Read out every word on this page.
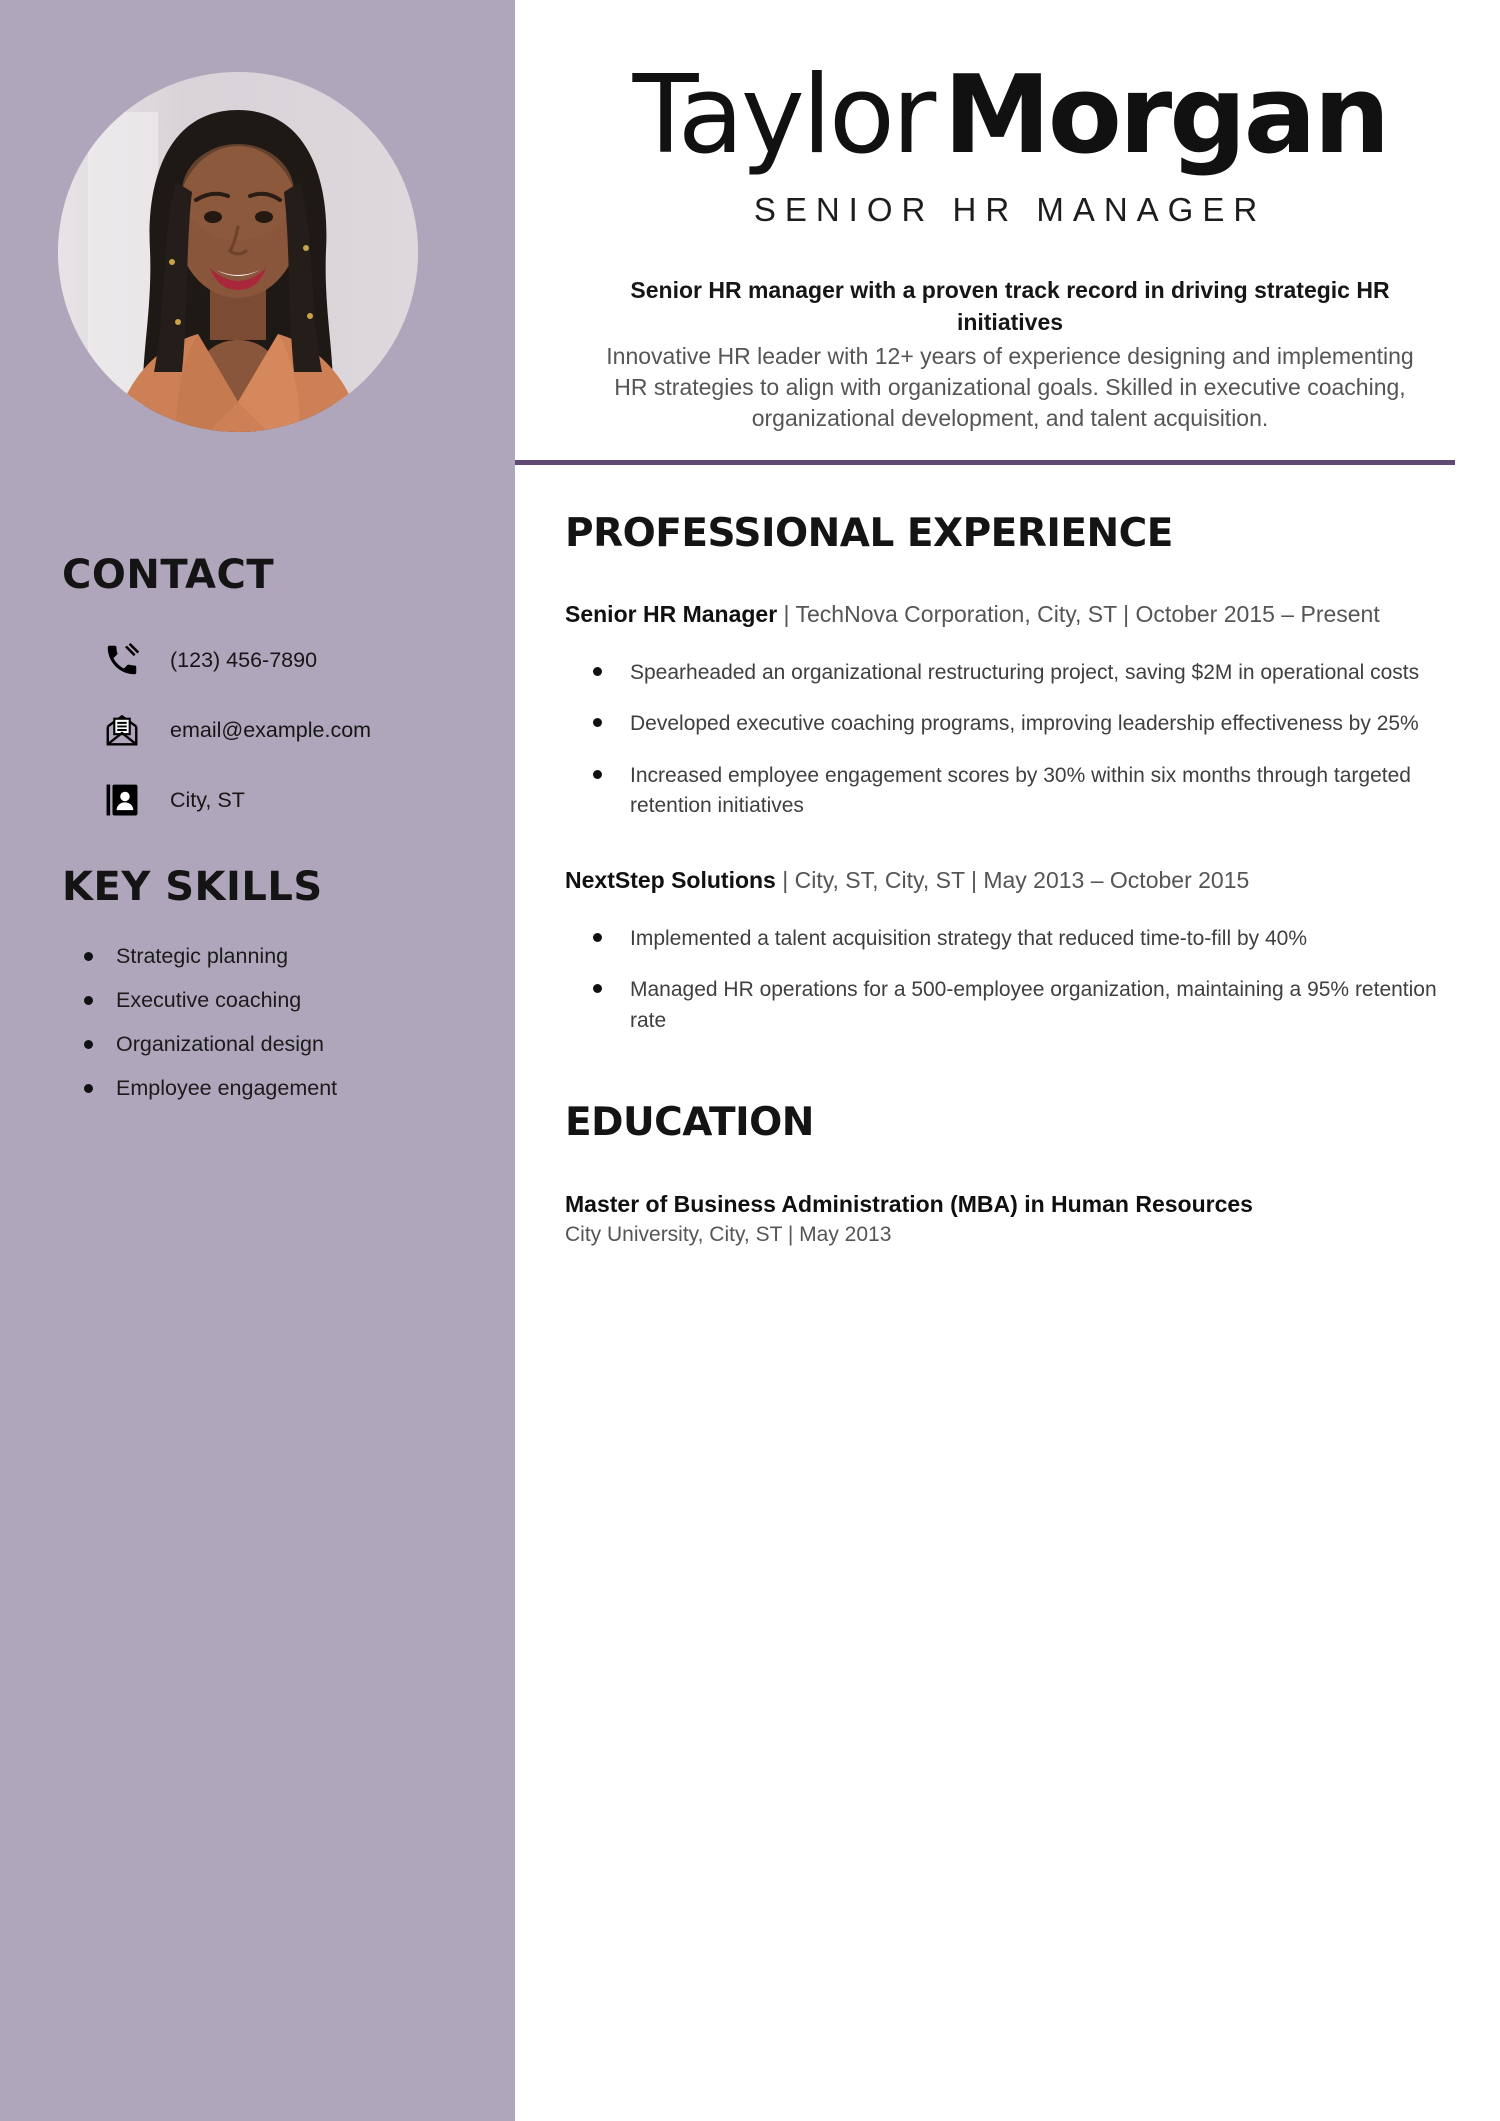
CONTACT
(123) 456-7890
email@example.com
City, ST
KEY SKILLS
Strategic planning
Executive coaching
Organizational design
Employee engagement
TaylorMorgan
SENIOR HR MANAGER

Senior HR manager with a proven track record in driving strategic HR initiatives

Innovative HR leader with 12+ years of experience designing and implementing HR strategies to align with organizational goals. Skilled in executive coaching, organizational development, and talent acquisition.

PROFESSIONAL EXPERIENCE
Senior HR Manager | TechNova Corporation, City, ST | October 2015 – Present
Spearheaded an organizational restructuring project, saving $2M in operational costs
Developed executive coaching programs, improving leadership effectiveness by 25%
Increased employee engagement scores by 30% within six months through targeted retention initiatives
NextStep Solutions | City, ST, City, ST | May 2013 – October 2015
Implemented a talent acquisition strategy that reduced time-to-fill by 40%
Managed HR operations for a 500-employee organization, maintaining a 95% retention rate
EDUCATION

Master of Business Administration (MBA) in Human Resources

City University, City, ST | May 2013
